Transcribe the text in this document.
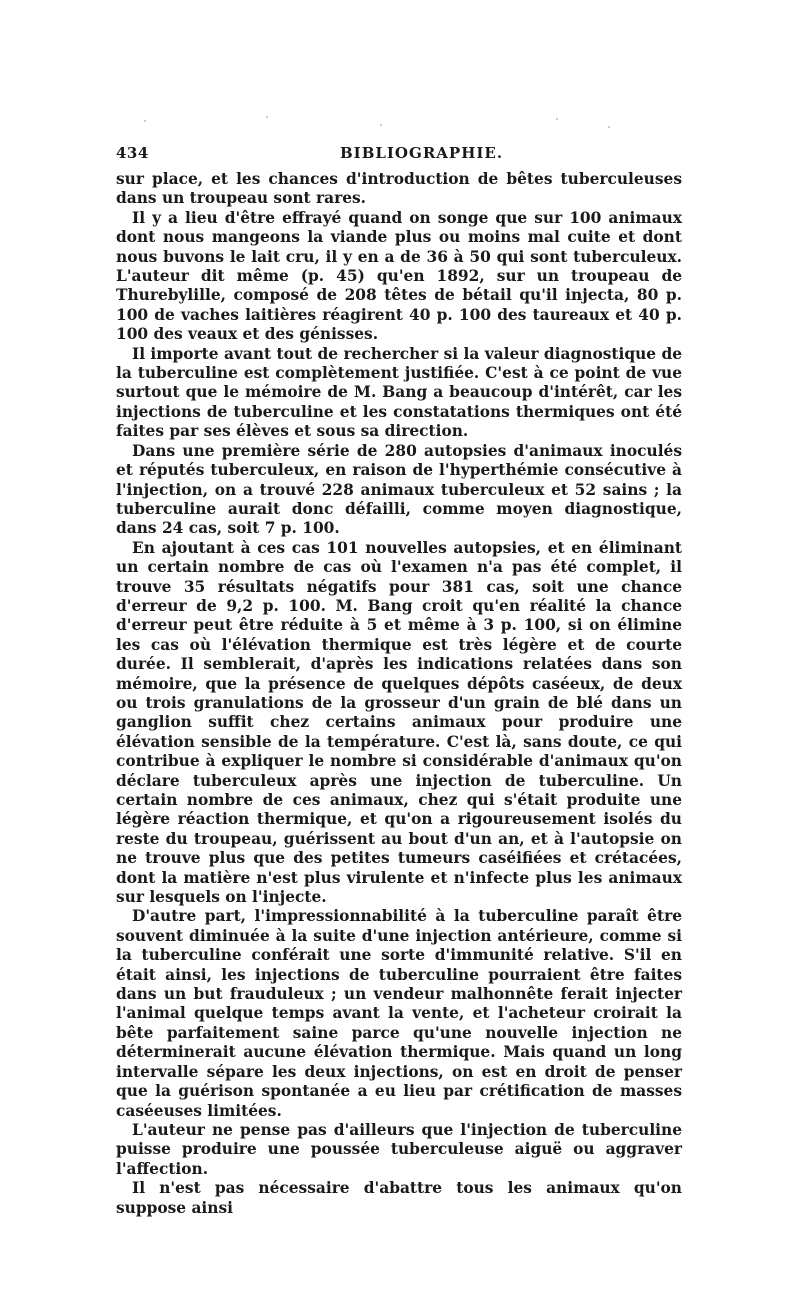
434	BIBLIOGRAPHIE.

sur place, et les chances d'introduction de bêtes tuberculeuses dans un troupeau sont rares.

Il y a lieu d'être effrayé quand on songe que sur 100 animaux dont nous mangeons la viande plus ou moins mal cuite et dont nous buvons le lait cru, il y en a de 36 à 50 qui sont tuberculeux. L'auteur dit même (p. 45) qu'en 1892, sur un troupeau de Thurebylille, composé de 208 têtes de bétail qu'il injecta, 80 p. 100 de vaches laitières réagirent 40 p. 100 des taureaux et 40 p. 100 des veaux et des génisses.

Il importe avant tout de rechercher si la valeur diagnostique de la tuberculine est complètement justifiée. C'est à ce point de vue surtout que le mémoire de M. Bang a beaucoup d'intérêt, car les injections de tuberculine et les constatations thermiques ont été faites par ses élèves et sous sa direction.

Dans une première série de 280 autopsies d'animaux inoculés et réputés tuberculeux, en raison de l'hyperthémie consécutive à l'injection, on a trouvé 228 animaux tuberculeux et 52 sains ; la tuberculine aurait donc défailli, comme moyen diagnostique, dans 24 cas, soit 7 p. 100.

En ajoutant à ces cas 101 nouvelles autopsies, et en éliminant un certain nombre de cas où l'examen n'a pas été complet, il trouve 35 résultats négatifs pour 381 cas, soit une chance d'erreur de 9,2 p. 100. M. Bang croit qu'en réalité la chance d'erreur peut être réduite à 5 et même à 3 p. 100, si on élimine les cas où l'élévation thermique est très légère et de courte durée. Il semblerait, d'après les indications relatées dans son mémoire, que la présence de quelques dépôts caséeux, de deux ou trois granulations de la grosseur d'un grain de blé dans un ganglion suffit chez certains animaux pour produire une élévation sensible de la température. C'est là, sans doute, ce qui contribue à expliquer le nombre si considérable d'animaux qu'on déclare tuberculeux après une injection de tuberculine. Un certain nombre de ces animaux, chez qui s'était produite une légère réaction thermique, et qu'on a rigoureusement isolés du reste du troupeau, guérissent au bout d'un an, et à l'autopsie on ne trouve plus que des petites tumeurs caséifiées et crétacées, dont la matière n'est plus virulente et n'infecte plus les animaux sur lesquels on l'injecte.

D'autre part, l'impressionnabilité à la tuberculine paraît être souvent diminuée à la suite d'une injection antérieure, comme si la tuberculine conférait une sorte d'immunité relative. S'il en était ainsi, les injections de tuberculine pourraient être faites dans un but frauduleux ; un vendeur malhonnête ferait injecter l'animal quelque temps avant la vente, et l'acheteur croirait la bête parfaitement saine parce qu'une nouvelle injection ne déterminerait aucune élévation thermique. Mais quand un long intervalle sépare les deux injections, on est en droit de penser que la guérison spontanée a eu lieu par crétification de masses caséeuses limitées.

L'auteur ne pense pas d'ailleurs que l'injection de tuberculine puisse produire une poussée tuberculeuse aiguë ou aggraver l'affection.

Il n'est pas nécessaire d'abattre tous les animaux qu'on suppose ainsi
